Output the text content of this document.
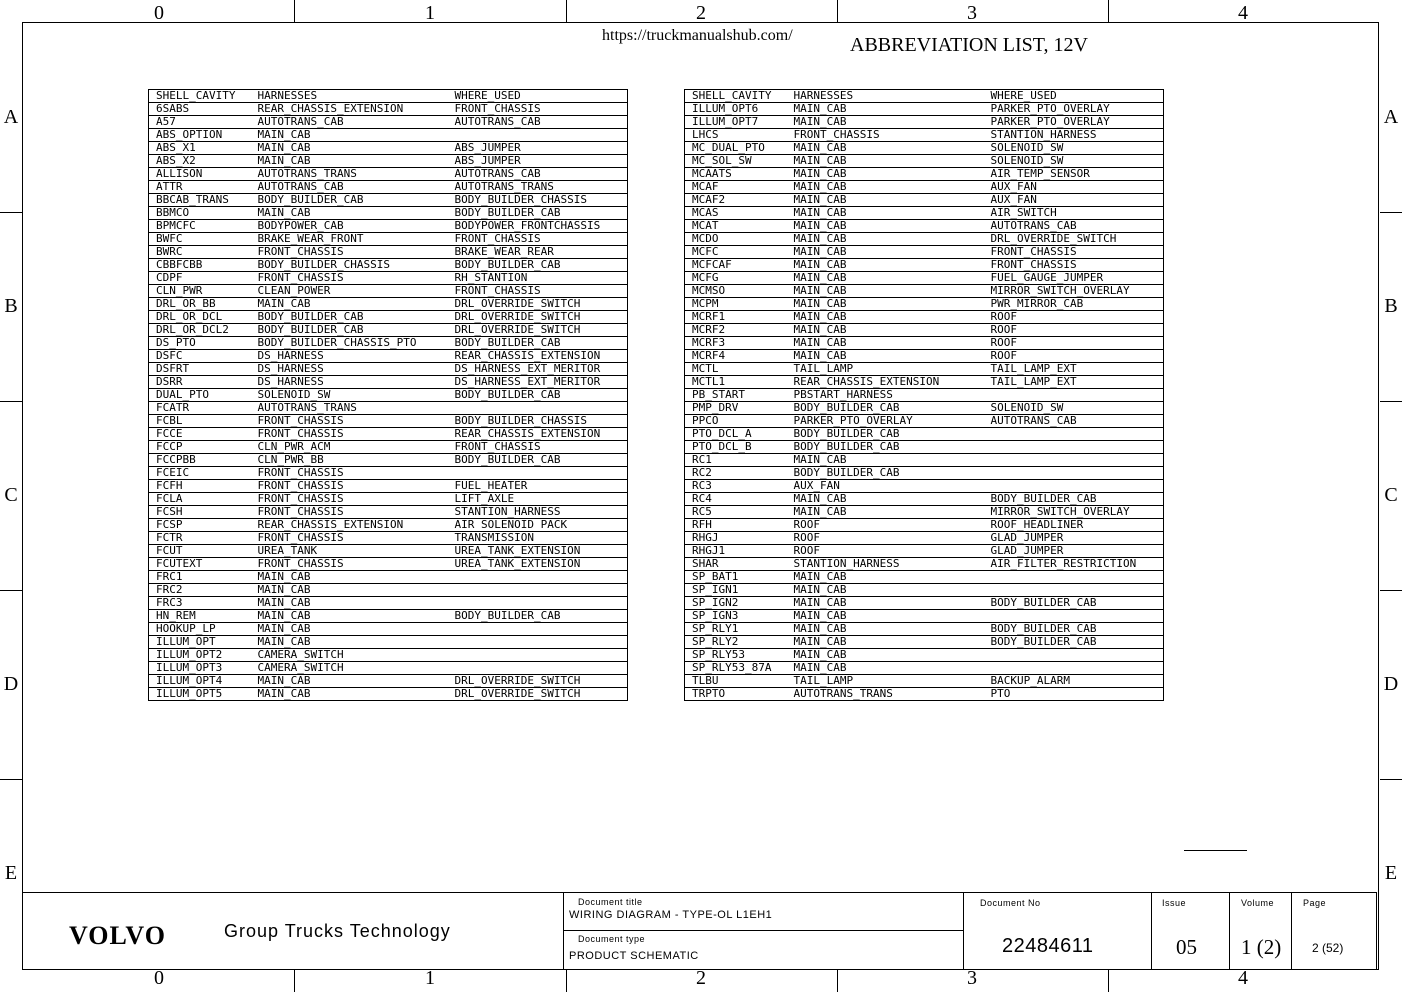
0	1	2	3	4
0	1	2	3	4
A
B
C
D
E
A
B
C
D
E
https://truckmanualshub.com/	ABBREVIATION LIST, 12V
SHELL_CAVITY	HARNESSES	WHERE_USED
6SABS	REAR_CHASSIS_EXTENSION	FRONT_CHASSIS
A57	AUTOTRANS_CAB	AUTOTRANS_CAB
ABS_OPTION	MAIN_CAB	
ABS_X1	MAIN_CAB	ABS_JUMPER
ABS_X2	MAIN_CAB	ABS_JUMPER
ALLISON	AUTOTRANS_TRANS	AUTOTRANS_CAB
ATTR	AUTOTRANS_CAB	AUTOTRANS_TRANS
BBCAB_TRANS	BODY_BUILDER_CAB	BODY_BUILDER_CHASSIS
BBMCO	MAIN_CAB	BODY_BUILDER_CAB
BPMCFC	BODYPOWER_CAB	BODYPOWER_FRONTCHASSIS
BWFC	BRAKE_WEAR_FRONT	FRONT_CHASSIS
BWRC	FRONT_CHASSIS	BRAKE_WEAR_REAR
CBBFCBB	BODY_BUILDER_CHASSIS	BODY_BUILDER_CAB
CDPF	FRONT_CHASSIS	RH_STANTION
CLN_PWR	CLEAN_POWER	FRONT_CHASSIS
DRL_OR_BB	MAIN_CAB	DRL_OVERRIDE_SWITCH
DRL_OR_DCL	BODY_BUILDER_CAB	DRL_OVERRIDE_SWITCH
DRL_OR_DCL2	BODY_BUILDER_CAB	DRL_OVERRIDE_SWITCH
DS_PTO	BODY_BUILDER_CHASSIS_PTO	BODY_BUILDER_CAB
DSFC	DS_HARNESS	REAR_CHASSIS_EXTENSION
DSFRT	DS_HARNESS	DS_HARNESS_EXT_MERITOR
DSRR	DS_HARNESS	DS_HARNESS_EXT_MERITOR
DUAL_PTO	SOLENOID_SW	BODY_BUILDER_CAB
FCATR	AUTOTRANS_TRANS	
FCBL	FRONT_CHASSIS	BODY_BUILDER_CHASSIS
FCCE	FRONT_CHASSIS	REAR_CHASSIS_EXTENSION
FCCP	CLN_PWR_ACM	FRONT_CHASSIS
FCCPBB	CLN_PWR_BB	BODY_BUILDER_CAB
FCEIC	FRONT_CHASSIS	
FCFH	FRONT_CHASSIS	FUEL_HEATER
FCLA	FRONT_CHASSIS	LIFT_AXLE
FCSH	FRONT_CHASSIS	STANTION_HARNESS
FCSP	REAR_CHASSIS_EXTENSION	AIR SOLENOID PACK
FCTR	FRONT_CHASSIS	TRANSMISSION
FCUT	UREA_TANK	UREA_TANK_EXTENSION
FCUTEXT	FRONT_CHASSIS	UREA_TANK_EXTENSION
FRC1	MAIN_CAB	
FRC2	MAIN_CAB	
FRC3	MAIN_CAB	
HN_REM	MAIN_CAB	BODY_BUILDER_CAB
HOOKUP_LP	MAIN_CAB	
ILLUM_OPT	MAIN_CAB	
ILLUM_OPT2	CAMERA_SWITCH	
ILLUM_OPT3	CAMERA_SWITCH	
ILLUM_OPT4	MAIN_CAB	DRL_OVERRIDE_SWITCH
ILLUM_OPT5	MAIN_CAB	DRL_OVERRIDE_SWITCH
SHELL_CAVITY	HARNESSES	WHERE_USED
ILLUM_OPT6	MAIN_CAB	PARKER_PTO_OVERLAY
ILLUM_OPT7	MAIN_CAB	PARKER_PTO_OVERLAY
LHCS	FRONT_CHASSIS	STANTION_HARNESS
MC_DUAL_PTO	MAIN_CAB	SOLENOID_SW
MC_SOL_SW	MAIN_CAB	SOLENOID_SW
MCAATS	MAIN_CAB	AIR_TEMP_SENSOR
MCAF	MAIN_CAB	AUX_FAN
MCAF2	MAIN_CAB	AUX_FAN
MCAS	MAIN_CAB	AIR_SWITCH
MCAT	MAIN_CAB	AUTOTRANS_CAB
MCDO	MAIN_CAB	DRL_OVERRIDE_SWITCH
MCFC	MAIN_CAB	FRONT_CHASSIS
MCFCAF	MAIN_CAB	FRONT_CHASSIS
MCFG	MAIN_CAB	FUEL_GAUGE_JUMPER
MCMSO	MAIN_CAB	MIRROR_SWITCH_OVERLAY
MCPM	MAIN_CAB	PWR_MIRROR_CAB
MCRF1	MAIN_CAB	ROOF
MCRF2	MAIN_CAB	ROOF
MCRF3	MAIN_CAB	ROOF
MCRF4	MAIN_CAB	ROOF
MCTL	TAIL_LAMP	TAIL_LAMP_EXT
MCTL1	REAR_CHASSIS_EXTENSION	TAIL_LAMP_EXT
PB_START	PBSTART_HARNESS	
PMP_DRV	BODY_BUILDER_CAB	SOLENOID_SW
PPCO	PARKER_PTO_OVERLAY	AUTOTRANS_CAB
PTO_DCL_A	BODY_BUILDER_CAB	
PTO_DCL_B	BODY_BUILDER_CAB	
RC1	MAIN_CAB	
RC2	BODY_BUILDER_CAB	
RC3	AUX_FAN	
RC4	MAIN_CAB	BODY_BUILDER_CAB
RC5	MAIN_CAB	MIRROR_SWITCH_OVERLAY
RFH	ROOF	ROOF_HEADLINER
RHGJ	ROOF	GLAD_JUMPER
RHGJ1	ROOF	GLAD_JUMPER
SHAR	STANTION_HARNESS	AIR_FILTER_RESTRICTION
SP_BAT1	MAIN_CAB	
SP_IGN1	MAIN_CAB	
SP_IGN2	MAIN_CAB	BODY_BUILDER_CAB
SP_IGN3	MAIN_CAB	
SP_RLY1	MAIN_CAB	BODY_BUILDER_CAB
SP_RLY2	MAIN_CAB	BODY_BUILDER_CAB
SP_RLY53	MAIN_CAB	
SP_RLY53_87A	MAIN_CAB	
TLBU	TAIL_LAMP	BACKUP_ALARM
TRPTO	AUTOTRANS_TRANS	PTO
VOLVO	Group Trucks Technology
Document title
WIRING DIAGRAM - TYPE-OL L1EH1
Document type
PRODUCT SCHEMATIC
Document No
22484611
Issue
05
Volume
1 (2)
Page
2 (52)
